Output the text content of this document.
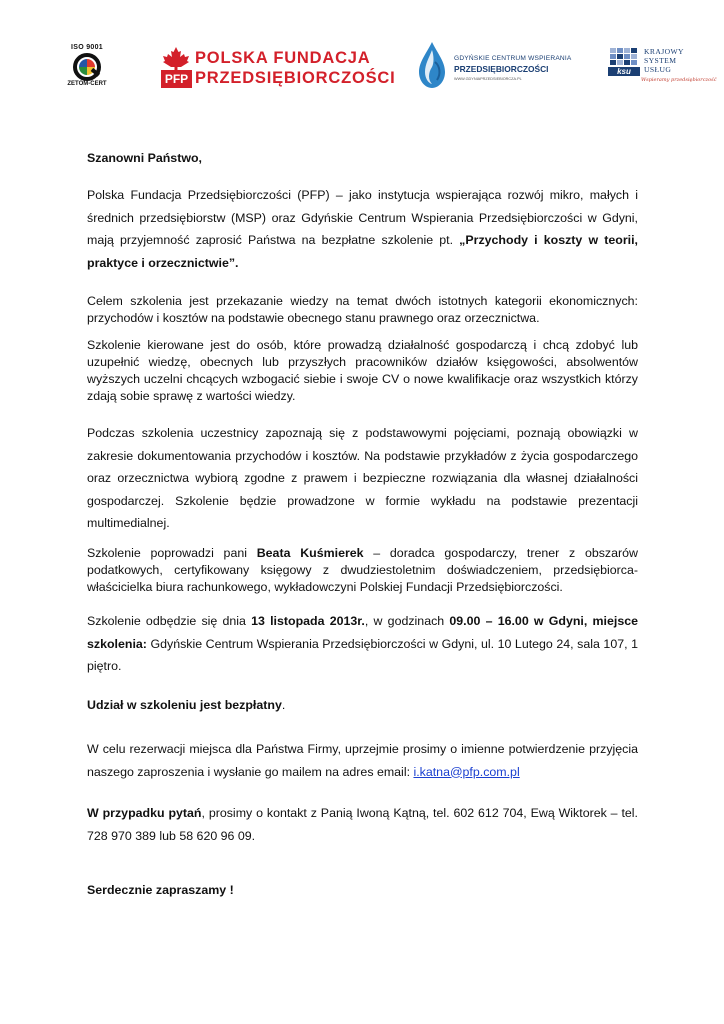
ISO 9001
ZETOM-CERT	PFP
POLSKA FUNDACJA
PRZEDSIĘBIORCZOŚCI
GDYŃSKIE CENTRUM WSPIERANIA
PRZEDSIĘBIORCZOŚCI
WWW.GDYNIAPRZEDSIEBIORCZA.PL
ksu
KRAJOWY
SYSTEM
USŁUG
Wspieramy przedsiębiorczość

Szanowni Państwo,

Polska Fundacja Przedsiębiorczości (PFP) – jako instytucja wspierająca rozwój mikro, małych i średnich przedsiębiorstw (MSP) oraz Gdyńskie Centrum Wspierania Przedsiębiorczości w Gdyni, mają przyjemność zaprosić Państwa na bezpłatne szkolenie pt. „Przychody i koszty w teorii, praktyce i orzecznictwie”.

Celem szkolenia jest przekazanie wiedzy na temat dwóch istotnych kategorii ekonomicznych: przychodów i kosztów na podstawie obecnego stanu prawnego oraz orzecznictwa.

Szkolenie kierowane jest do osób, które prowadzą działalność gospodarczą i chcą zdobyć lub uzupełnić wiedzę, obecnych lub przyszłych pracowników działów księgowości, absolwentów wyższych uczelni chcących wzbogacić siebie i swoje CV o nowe kwalifikacje oraz wszystkich którzy zdają sobie sprawę z wartości wiedzy.

Podczas szkolenia uczestnicy zapoznają się z podstawowymi pojęciami, poznają obowiązki w zakresie dokumentowania przychodów i kosztów. Na podstawie przykładów z życia gospodarczego oraz orzecznictwa wybiorą zgodne z prawem i bezpieczne rozwiązania dla własnej działalności gospodarczej. Szkolenie będzie prowadzone w formie wykładu na podstawie prezentacji multimedialnej.

Szkolenie poprowadzi pani Beata Kuśmierek – doradca gospodarczy, trener z obszarów podatkowych, certyfikowany księgowy z dwudziestoletnim doświadczeniem, przedsiębiorca-właścicielka biura rachunkowego, wykładowczyni Polskiej Fundacji Przedsiębiorczości.

Szkolenie odbędzie się dnia 13 listopada 2013r., w godzinach 09.00 – 16.00 w Gdyni, miejsce szkolenia: Gdyńskie Centrum Wspierania Przedsiębiorczości w Gdyni, ul. 10 Lutego 24, sala 107, 1 piętro.

Udział w szkoleniu jest bezpłatny.

W celu rezerwacji miejsca dla Państwa Firmy, uprzejmie prosimy o imienne potwierdzenie przyjęcia naszego zaproszenia i wysłanie go mailem na adres email: i.katna@pfp.com.pl

W przypadku pytań, prosimy o kontakt z Panią Iwoną Kątną, tel. 602 612 704, Ewą Wiktorek – tel. 728 970 389 lub 58 620 96 09.

Serdecznie zapraszamy !
